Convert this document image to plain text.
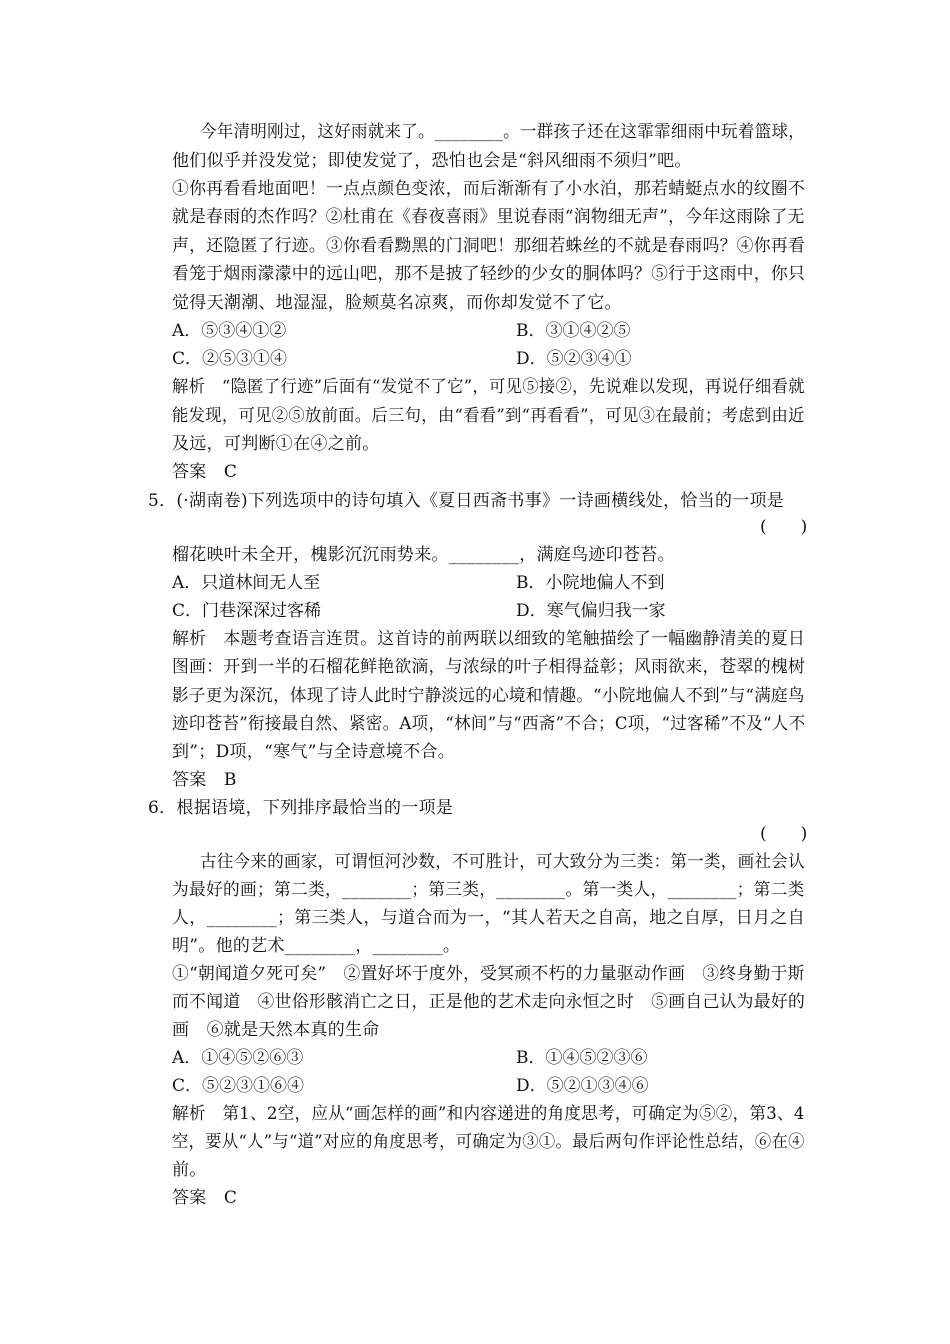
今年清明刚过，这好雨就来了。________。一群孩子还在这霏霏细雨中玩着篮球，
他们似乎并没发觉；即使发觉了，恐怕也会是“斜风细雨不须归”吧。
①你再看看地面吧！一点点颜色变浓，而后渐渐有了小水泊，那若蜻蜓点水的纹圈不
就是春雨的杰作吗？②杜甫在《春夜喜雨》里说春雨“润物细无声”，今年这雨除了无
声，还隐匿了行迹。③你看看黝黑的门洞吧！那细若蛛丝的不就是春雨吗？④你再看
看笼于烟雨濛濛中的远山吧，那不是披了轻纱的少女的胴体吗？⑤行于这雨中，你只
觉得天潮潮、地湿湿，脸颊莫名凉爽，而你却发觉不了它。
A．⑤③④①②	B．③①④②⑤
C．②⑤③①④	D．⑤②③④①
解析　“隐匿了行迹”后面有“发觉不了它”，可见⑤接②，先说难以发现，再说仔细看就
能发现，可见②⑤放前面。后三句，由“看看”到“再看看”，可见③在最前；考虑到由近
及远，可判断①在④之前。
答案　C
5．(·湖南卷)下列选项中的诗句填入《夏日西斋书事》一诗画横线处，恰当的一项是
(　　)
榴花映叶未全开，槐影沉沉雨势来。________，满庭鸟迹印苍苔。
A．只道林间无人至	B．小院地偏人不到
C．门巷深深过客稀	D．寒气偏归我一家
解析　本题考查语言连贯。这首诗的前两联以细致的笔触描绘了一幅幽静清美的夏日
图画：开到一半的石榴花鲜艳欲滴，与浓绿的叶子相得益彰；风雨欲来，苍翠的槐树
影子更为深沉，体现了诗人此时宁静淡远的心境和情趣。“小院地偏人不到”与“满庭鸟
迹印苍苔”衔接最自然、紧密。A项，“林间”与“西斋”不合；C项，“过客稀”不及“人不
到”；D项，“寒气”与全诗意境不合。
答案　B
6．根据语境，下列排序最恰当的一项是
(　　)
古往今来的画家，可谓恒河沙数，不可胜计，可大致分为三类：第一类，画社会认
为最好的画；第二类，________；第三类，________。第一类人，________；第二类
人，________；第三类人，与道合而为一，“其人若天之自高，地之自厚，日月之自
明”。他的艺术________，________。
①“朝闻道夕死可矣”　②置好坏于度外，受冥顽不朽的力量驱动作画　③终身勤于斯
而不闻道　④世俗形骸消亡之日，正是他的艺术走向永恒之时　⑤画自己认为最好的
画　⑥就是天然本真的生命
A．①④⑤②⑥③	B．①④⑤②③⑥
C．⑤②③①⑥④	D．⑤②①③④⑥
解析　第1、2空，应从“画怎样的画”和内容递进的角度思考，可确定为⑤②，第3、4
空，要从“人”与“道”对应的角度思考，可确定为③①。最后两句作评论性总结，⑥在④
前。
答案　C
